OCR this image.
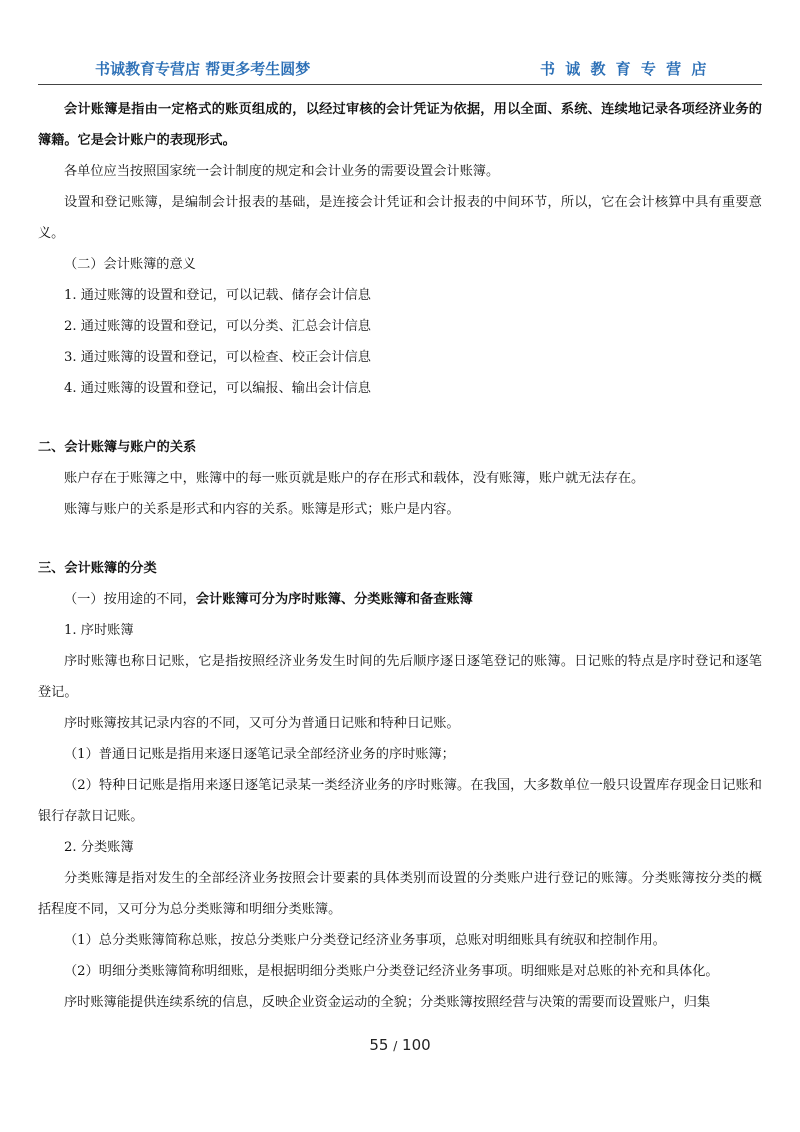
书诚教育专营店 帮更多考生圆梦	书 诚 教 育 专 营 店

会计账簿是指由一定格式的账页组成的，以经过审核的会计凭证为依据，用以全面、系统、连续地记录各项经济业务的簿籍。它是会计账户的表现形式。

各单位应当按照国家统一会计制度的规定和会计业务的需要设置会计账簿。

设置和登记账簿，是编制会计报表的基础，是连接会计凭证和会计报表的中间环节，所以，它在会计核算中具有重要意义。

（二）会计账簿的意义

1. 通过账簿的设置和登记，可以记载、储存会计信息

2. 通过账簿的设置和登记，可以分类、汇总会计信息

3. 通过账簿的设置和登记，可以检查、校正会计信息

4. 通过账簿的设置和登记，可以编报、输出会计信息

二、会计账簿与账户的关系

账户存在于账簿之中，账簿中的每一账页就是账户的存在形式和载体，没有账簿，账户就无法存在。

账簿与账户的关系是形式和内容的关系。账簿是形式；账户是内容。

三、会计账簿的分类

（一）按用途的不同，会计账簿可分为序时账簿、分类账簿和备查账簿

1. 序时账簿

序时账簿也称日记账，它是指按照经济业务发生时间的先后顺序逐日逐笔登记的账簿。日记账的特点是序时登记和逐笔登记。

序时账簿按其记录内容的不同，又可分为普通日记账和特种日记账。

（1）普通日记账是指用来逐日逐笔记录全部经济业务的序时账簿；

（2）特种日记账是指用来逐日逐笔记录某一类经济业务的序时账簿。在我国，大多数单位一般只设置库存现金日记账和银行存款日记账。

2. 分类账簿

分类账簿是指对发生的全部经济业务按照会计要素的具体类别而设置的分类账户进行登记的账簿。分类账簿按分类的概括程度不同，又可分为总分类账簿和明细分类账簿。

（1）总分类账簿简称总账，按总分类账户分类登记经济业务事项，总账对明细账具有统驭和控制作用。

（2）明细分类账簿简称明细账，是根据明细分类账户分类登记经济业务事项。明细账是对总账的补充和具体化。

序时账簿能提供连续系统的信息，反映企业资金运动的全貌；分类账簿按照经营与决策的需要而设置账户，归集

55 / 100
